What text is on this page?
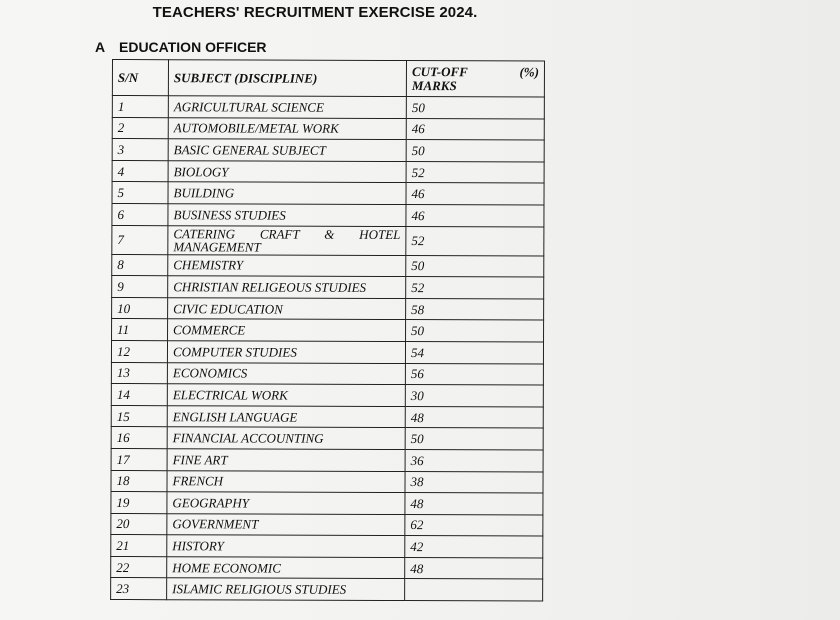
TEACHERS' RECRUITMENT EXERCISE 2024.
A EDUCATION OFFICER
S/N	SUBJECT (DISCIPLINE)	CUT-OFF (%)
MARKS

1	AGRICULTURAL SCIENCE	50
2	AUTOMOBILE/METAL WORK	46
3	BASIC GENERAL SUBJECT	50
4	BIOLOGY	52
5	BUILDING	46
6	BUSINESS STUDIES	46
7	CATERING CRAFT & HOTEL
MANAGEMENT	52
8	CHEMISTRY	50
9	CHRISTIAN RELIGEOUS STUDIES	52
10	CIVIC EDUCATION	58
11	COMMERCE	50
12	COMPUTER STUDIES	54
13	ECONOMICS	56
14	ELECTRICAL WORK	30
15	ENGLISH LANGUAGE	48
16	FINANCIAL ACCOUNTING	50
17	FINE ART	36
18	FRENCH	38
19	GEOGRAPHY	48
20	GOVERNMENT	62
21	HISTORY	42
22	HOME ECONOMIC	48
23	ISLAMIC RELIGIOUS STUDIES	
